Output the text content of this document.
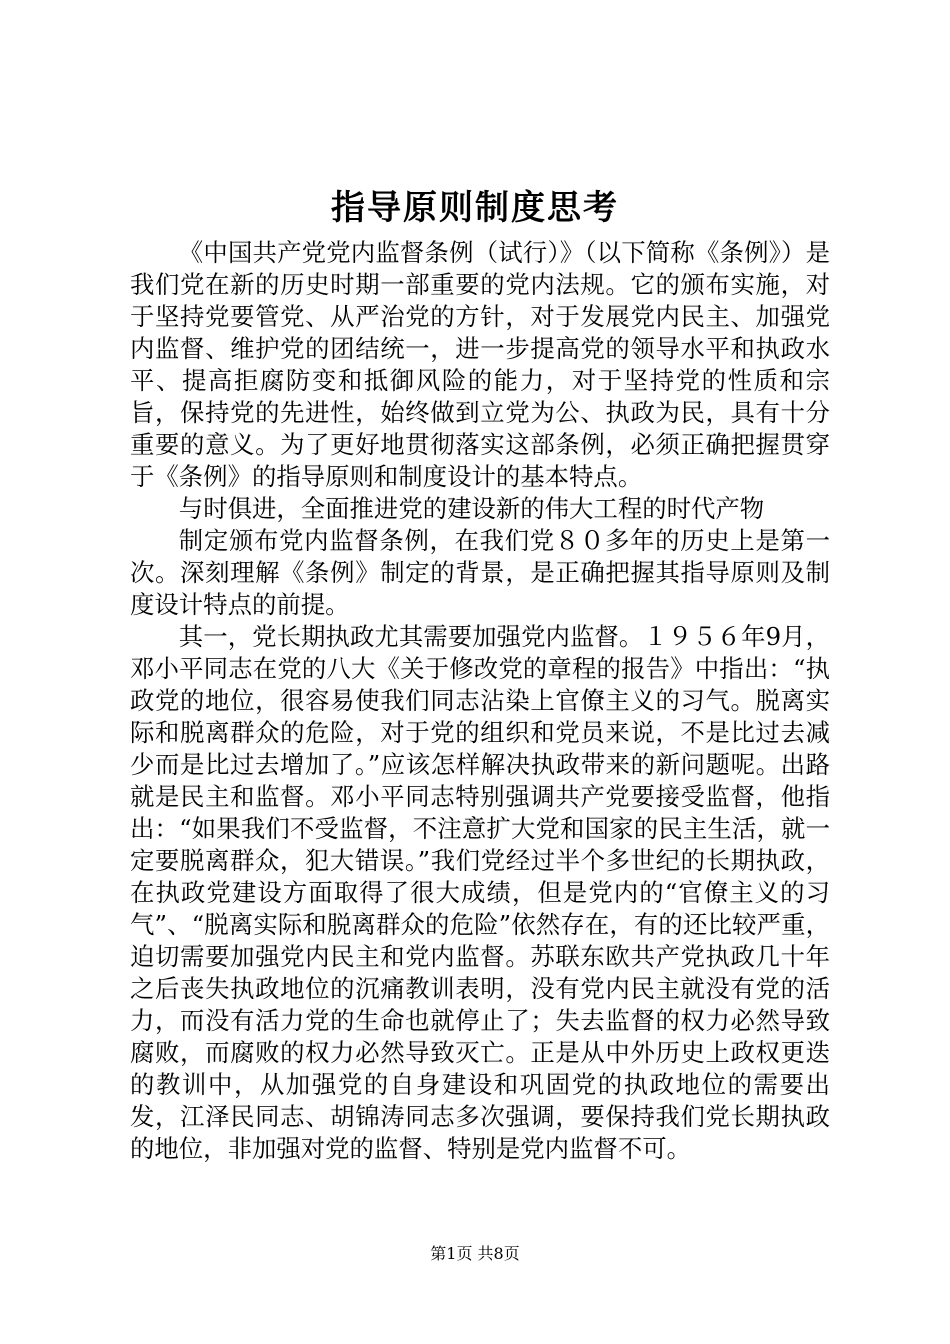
指导原则制度思考

《中国共产党党内监督条例（试行）》（以下简称《条例》）是我们党在新的历史时期一部重要的党内法规。它的颁布实施，对于坚持党要管党、从严治党的方针，对于发展党内民主、加强党内监督、维护党的团结统一，进一步提高党的领导水平和执政水平、提高拒腐防变和抵御风险的能力，对于坚持党的性质和宗旨，保持党的先进性，始终做到立党为公、执政为民，具有十分重要的意义。为了更好地贯彻落实这部条例，必须正确把握贯穿于《条例》的指导原则和制度设计的基本特点。

与时俱进，全面推进党的建设新的伟大工程的时代产物

制定颁布党内监督条例，在我们党８０多年的历史上是第一次。深刻理解《条例》制定的背景，是正确把握其指导原则及制度设计特点的前提。

其一，党长期执政尤其需要加强党内监督。１９５６年9月，邓小平同志在党的八大《关于修改党的章程的报告》中指出：“执政党的地位，很容易使我们同志沾染上官僚主义的习气。脱离实际和脱离群众的危险，对于党的组织和党员来说，不是比过去减少而是比过去增加了。”应该怎样解决执政带来的新问题呢。出路就是民主和监督。邓小平同志特别强调共产党要接受监督，他指出：“如果我们不受监督，不注意扩大党和国家的民主生活，就一定要脱离群众，犯大错误。”我们党经过半个多世纪的长期执政，在执政党建设方面取得了很大成绩，但是党内的“官僚主义的习气”、“脱离实际和脱离群众的危险”依然存在，有的还比较严重，迫切需要加强党内民主和党内监督。苏联东欧共产党执政几十年之后丧失执政地位的沉痛教训表明，没有党内民主就没有党的活力，而没有活力党的生命也就停止了；失去监督的权力必然导致腐败，而腐败的权力必然导致灭亡。正是从中外历史上政权更迭的教训中，从加强党的自身建设和巩固党的执政地位的需要出发，江泽民同志、胡锦涛同志多次强调，要保持我们党长期执政的地位，非加强对党的监督、特别是党内监督不可。

第1页 共8页
